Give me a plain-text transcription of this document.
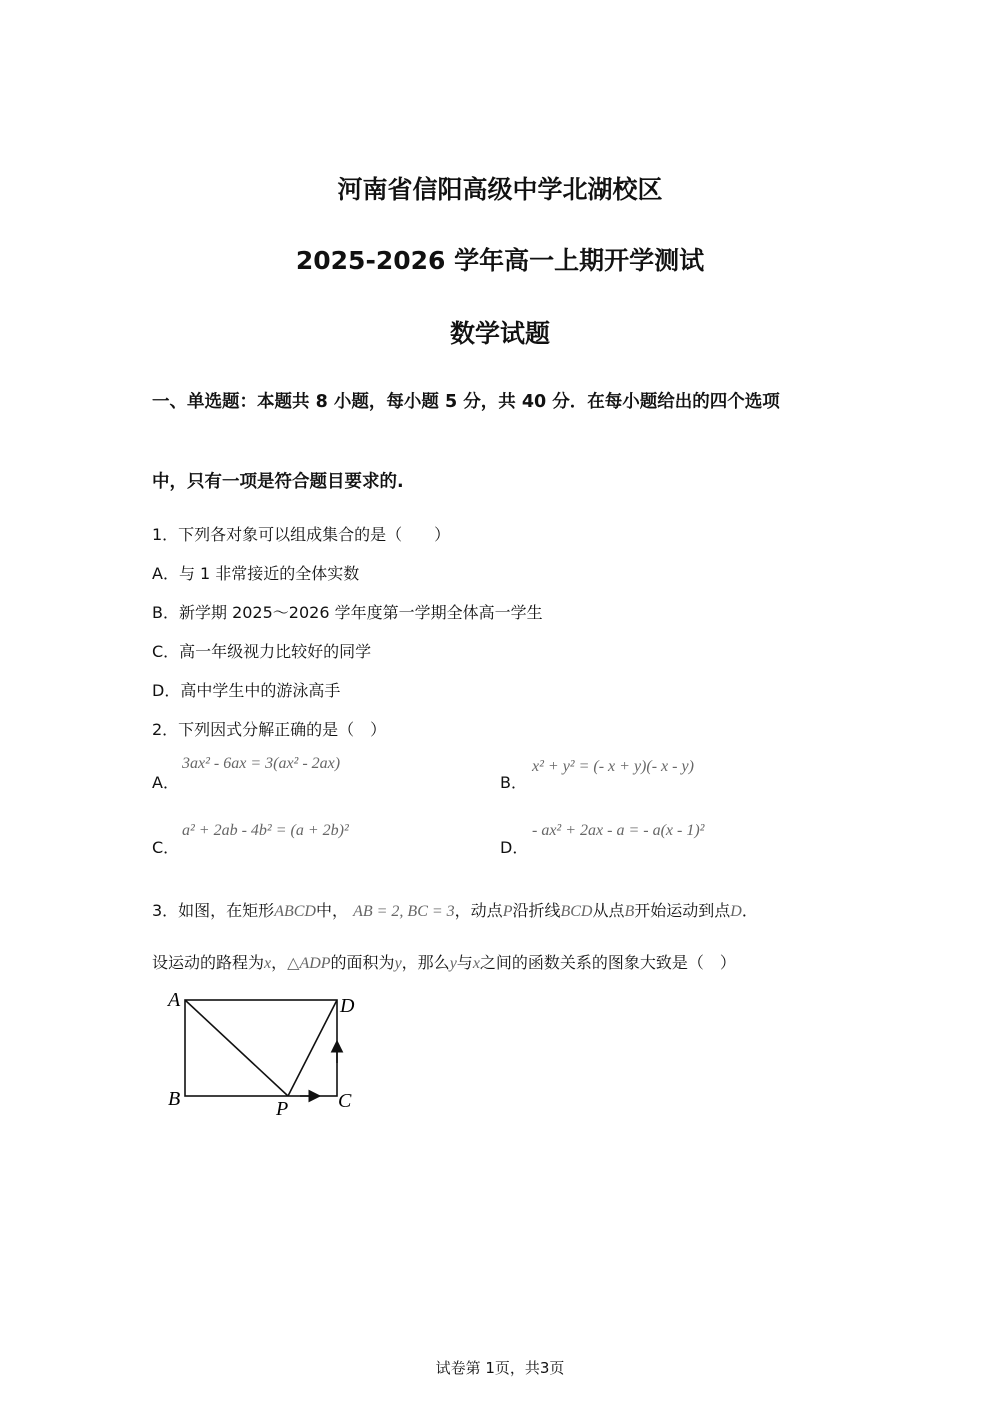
河南省信阳高级中学北湖校区
2025-2026 学年高一上期开学测试
数学试题
一、单选题：本题共 8 小题，每小题 5 分，共 40 分．在每小题给出的四个选项
中，只有一项是符合题目要求的.
1．下列各对象可以组成集合的是（　　）
A．与 1 非常接近的全体实数
B．新学期 2025～2026 学年度第一学期全体高一学生
C．高一年级视力比较好的同学
D．高中学生中的游泳高手
2．下列因式分解正确的是（　）
A．
3ax² - 6ax = 3(ax² - 2ax)
B．
x² + y² = (- x + y)(- x - y)
C．
a² + 2ab - 4b² = (a + 2b)²
D．
- ax² + 2ax - a = - a(x - 1)²
3．如图，在矩形ABCD中， AB = 2, BC = 3，动点P沿折线BCD从点B开始运动到点D．
设运动的路程为x，△ADP的面积为y，那么y与x之间的函数关系的图象大致是（　）
A	D
B	C
P
试卷第 1页，共3页
